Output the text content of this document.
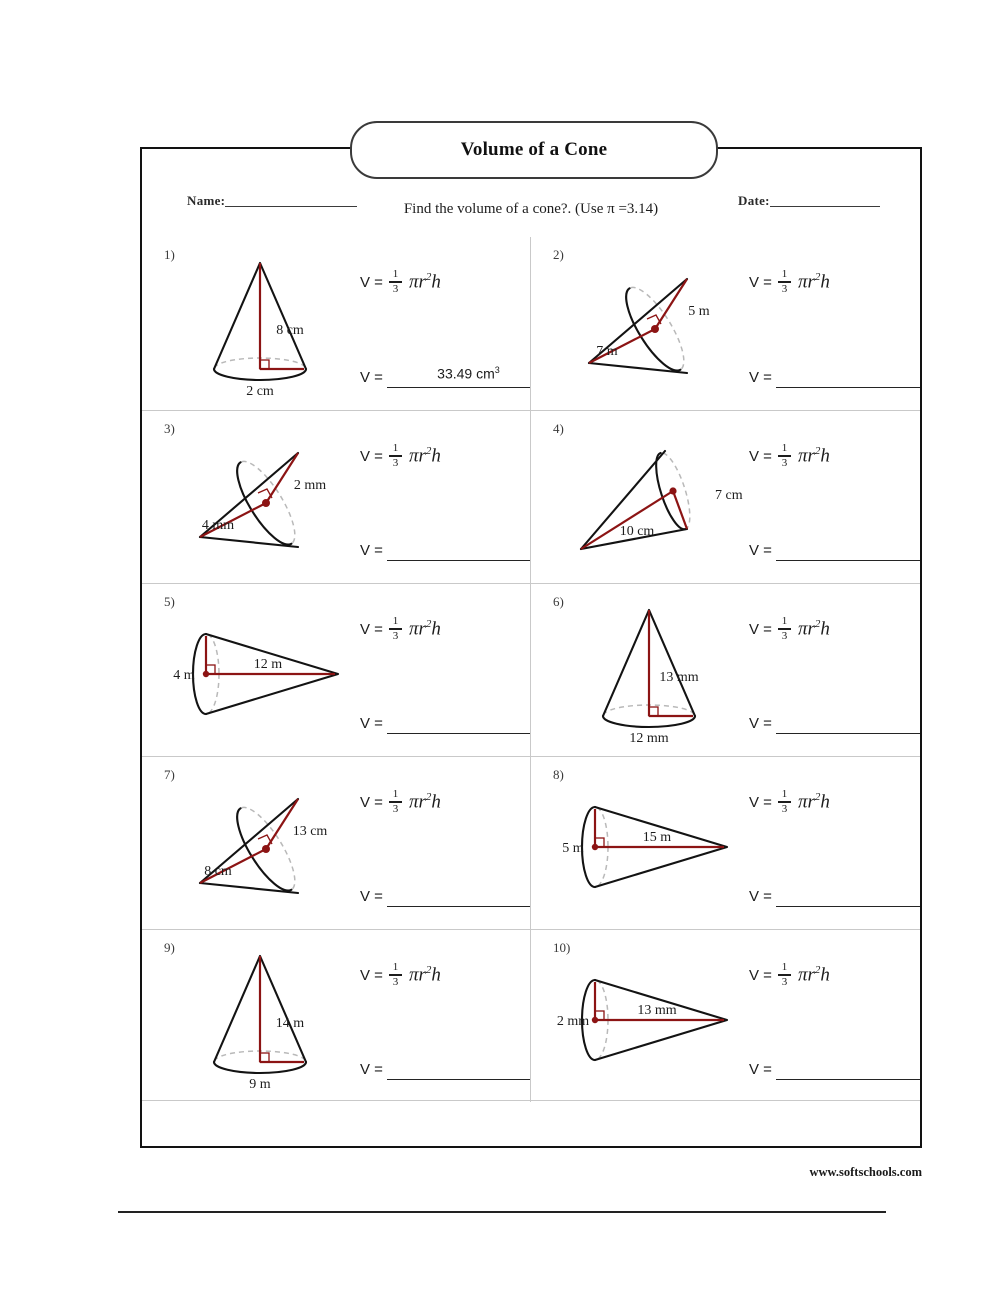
Volume of a Cone
Name:	Date:
Find the volume of a cone?. (Use π =3.14)
1)
8 cm
2 cm
$V = \frac{1}{3} \pi r^2h$
V =	33.49 $cm^3$
2)
7 m
5 m
$V = \frac{1}{3} \pi r^2h$
V =
3)
4 mm
2 mm
$V = \frac{1}{3} \pi r^2h$
V =
4)
7 cm
10 cm
$V = \frac{1}{3} \pi r^2h$
V =
5)
4 m
12 m
$V = \frac{1}{3} \pi r^2h$
V =
6)
13 mm
12 mm
$V = \frac{1}{3} \pi r^2h$
V =
7)
8 cm
13 cm
$V = \frac{1}{3} \pi r^2h$
V =
8)
5 m
15 m
$V = \frac{1}{3} \pi r^2h$
V =
9)
14 m
9 m
$V = \frac{1}{3} \pi r^2h$
V =
10)
2 mm
13 mm
$V = \frac{1}{3} \pi r^2h$
V =
www.softschools.com
